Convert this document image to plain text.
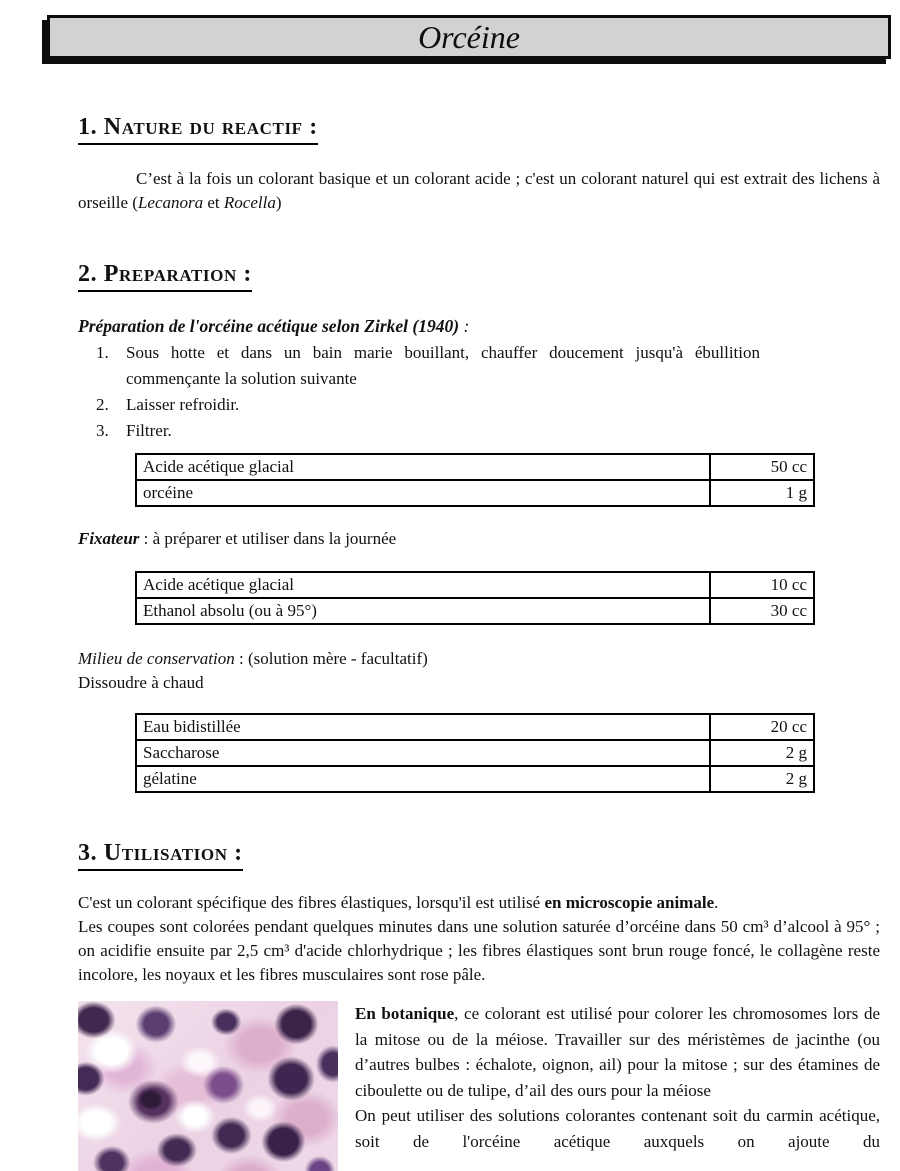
Orcéine
1. Nature du reactif :

C’est à la fois un colorant basique et un colorant acide ; c'est un colorant naturel qui est extrait des lichens à orseille (Lecanora et Rocella)

2. Preparation :

Préparation de l'orcéine acétique selon Zirkel (1940) :

1.	Sous hotte et dans un bain marie bouillant, chauffer doucement jusqu'à ébullition commençante la solution suivante
2.	Laisser refroidir.
3.	Filtrer.
Acide acétique glacial	50 cc
orcéine	1 g

Fixateur : à préparer et utiliser dans la journée

Acide acétique glacial	10 cc
Ethanol absolu (ou à 95°)	30 cc

Milieu de conservation : (solution mère - facultatif)

Dissoudre à chaud

Eau bidistillée	20 cc
Saccharose	2 g
gélatine	2 g
3. Utilisation :

C'est un colorant spécifique des fibres élastiques, lorsqu'il est utilisé en microscopie animale.

Les coupes sont colorées pendant quelques minutes dans une solution saturée d’orcéine dans 50 cm³ d’alcool à 95° ; on acidifie ensuite par 2,5 cm³ d'acide chlorhydrique ; les fibres élastiques sont brun rouge foncé, le collagène reste incolore, les noyaux et les fibres musculaires sont rose pâle.

En botanique, ce colorant est utilisé pour colorer les chromosomes lors de la mitose ou de la méiose. Travailler sur des méristèmes de jacinthe (ou d’autres bulbes : échalote, oignon, ail) pour la mitose ; sur des étamines de ciboulette ou de tulipe, d’ail des ours pour la méiose

On peut utiliser des solutions colorantes contenant soit du carmin acétique, soit de l'orcéine acétique auxquels on ajoute du
